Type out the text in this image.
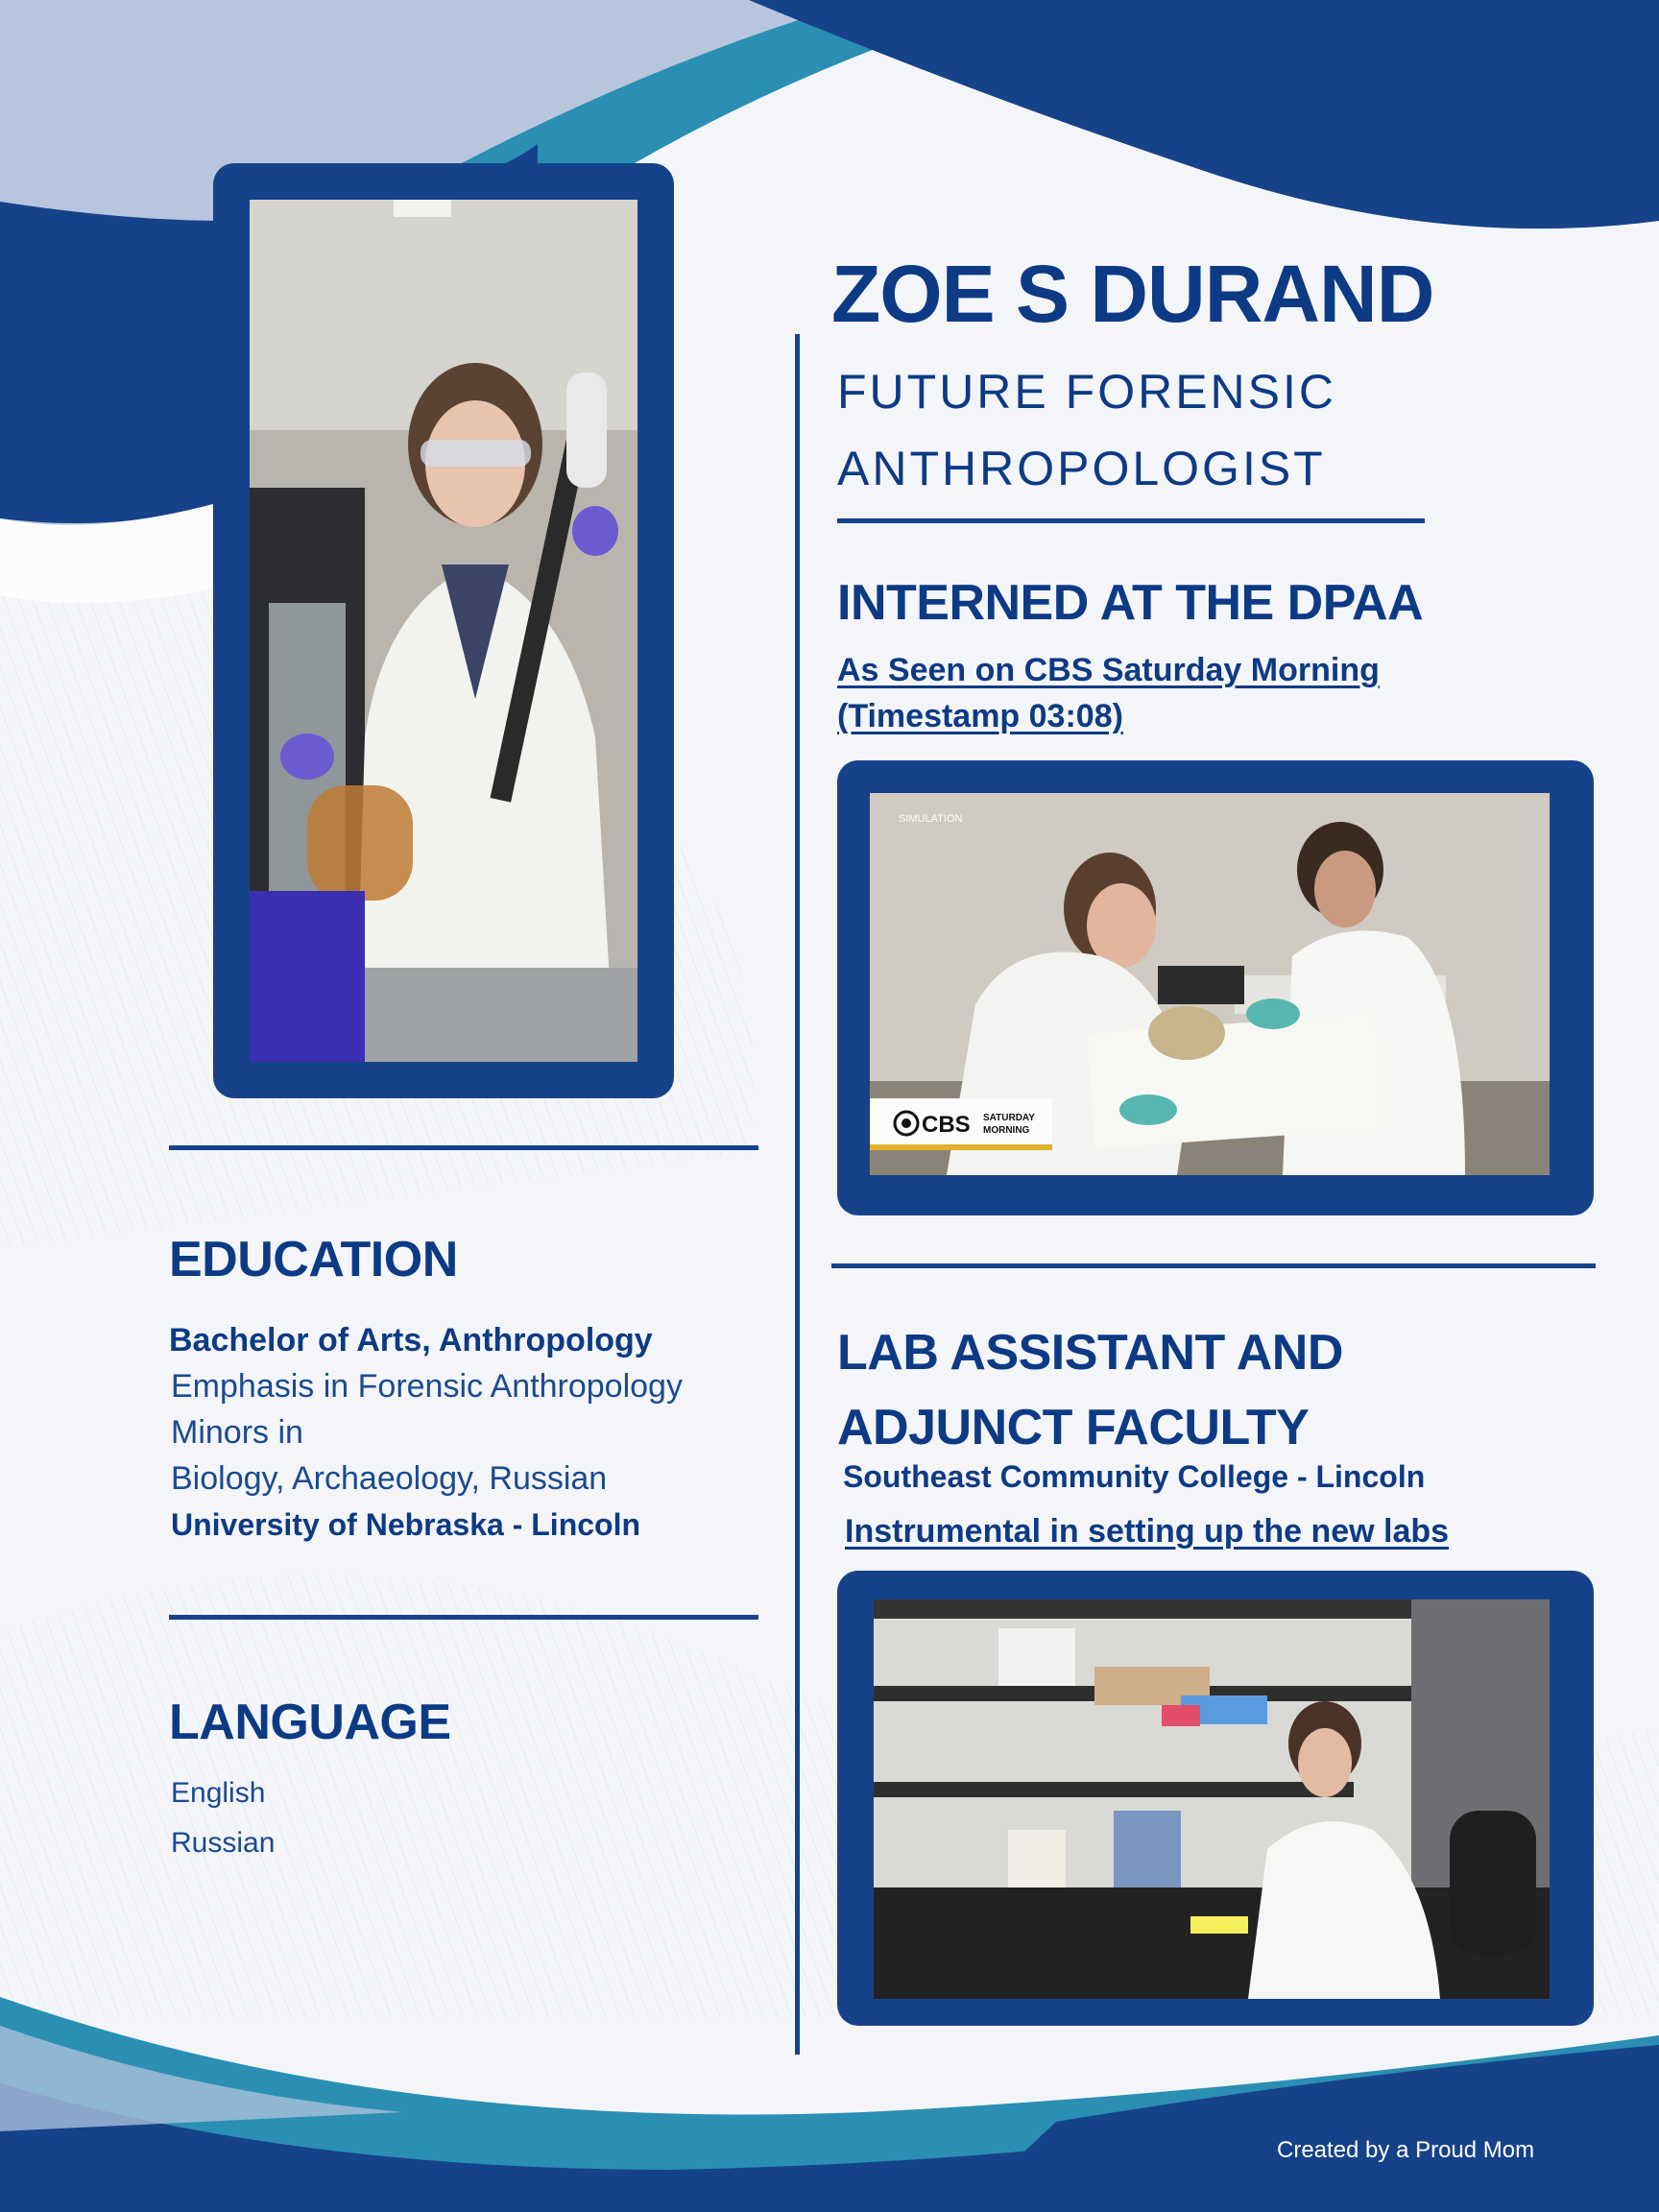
ZOE S DURAND
FUTURE FORENSIC
ANTHROPOLOGIST
INTERNED AT THE DPAA
As Seen on CBS Saturday Morning
(Timestamp 03:08)
SIMULATION
CBS SATURDAY
MORNING
LAB ASSISTANT AND
ADJUNCT FACULTY
Southeast Community College - Lincoln
Instrumental in setting up the new labs
EDUCATION
Bachelor of Arts, Anthropology
Emphasis in Forensic Anthropology
Minors in
Biology, Archaeology, Russian
University of Nebraska - Lincoln
LANGUAGE
English
Russian
Created by a Proud Mom
